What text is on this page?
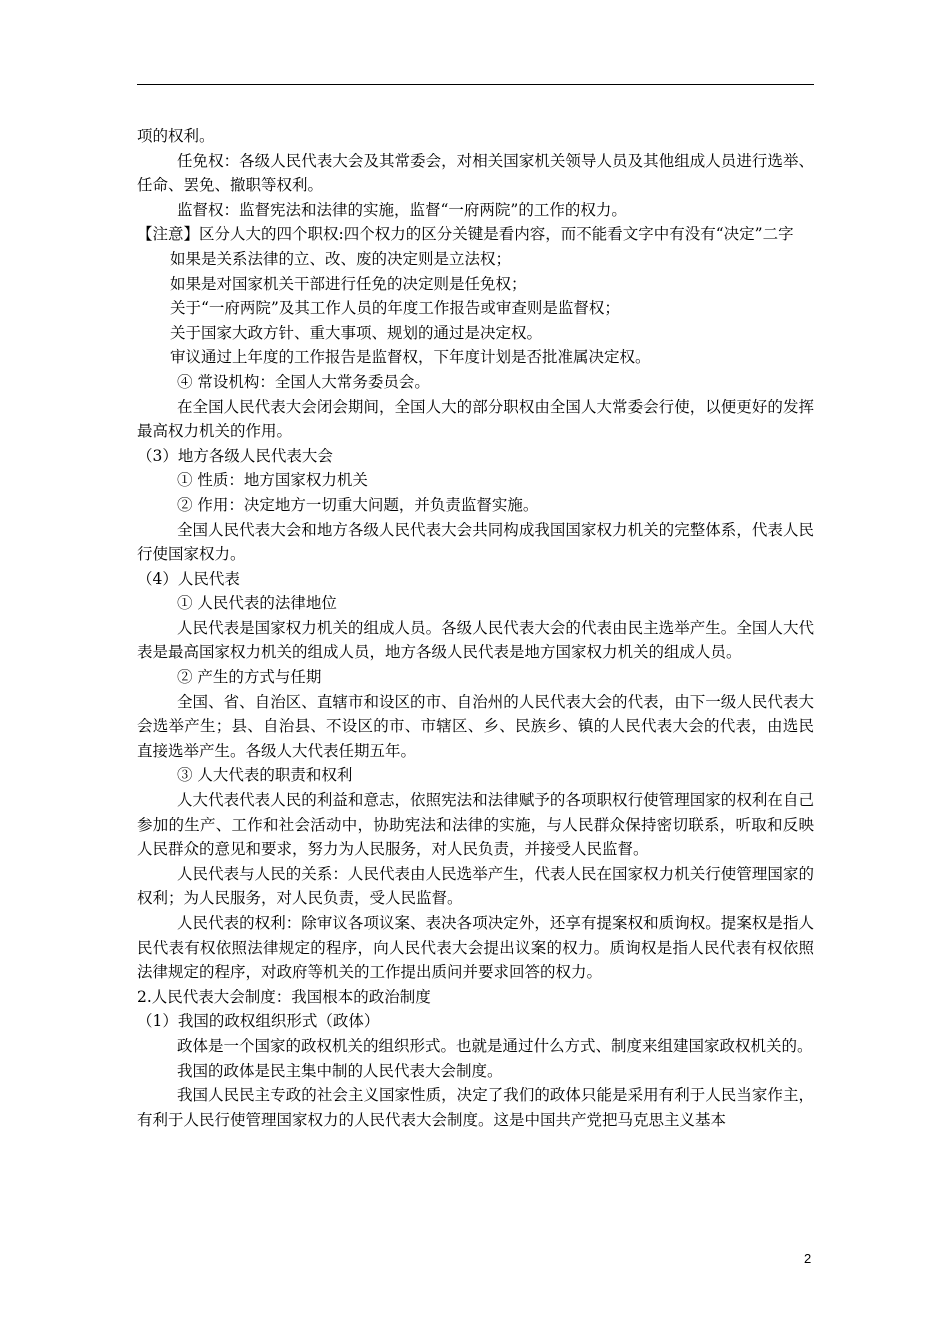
项的权利。

任免权：各级人民代表大会及其常委会，对相关国家机关领导人员及其他组成人员进行选举、任命、罢免、撤职等权利。

监督权：监督宪法和法律的实施，监督“一府两院”的工作的权力。

【注意】区分人大的四个职权:四个权力的区分关键是看内容，而不能看文字中有没有“决定”二字

如果是关系法律的立、改、废的决定则是立法权；

如果是对国家机关干部进行任免的决定则是任免权；

关于“一府两院”及其工作人员的年度工作报告或审查则是监督权；

关于国家大政方针、重大事项、规划的通过是决定权。

审议通过上年度的工作报告是监督权，下年度计划是否批准属决定权。

④ 常设机构：全国人大常务委员会。

在全国人民代表大会闭会期间，全国人大的部分职权由全国人大常委会行使，以便更好的发挥最高权力机关的作用。

（3）地方各级人民代表大会

① 性质：地方国家权力机关

② 作用：决定地方一切重大问题，并负责监督实施。

全国人民代表大会和地方各级人民代表大会共同构成我国国家权力机关的完整体系，代表人民行使国家权力。

（4）人民代表

① 人民代表的法律地位

人民代表是国家权力机关的组成人员。各级人民代表大会的代表由民主选举产生。全国人大代表是最高国家权力机关的组成人员，地方各级人民代表是地方国家权力机关的组成人员。

② 产生的方式与任期

全国、省、自治区、直辖市和设区的市、自治州的人民代表大会的代表，由下一级人民代表大会选举产生；县、自治县、不设区的市、市辖区、乡、民族乡、镇的人民代表大会的代表，由选民直接选举产生。各级人大代表任期五年。

③ 人大代表的职责和权利

人大代表代表人民的利益和意志，依照宪法和法律赋予的各项职权行使管理国家的权利在自己参加的生产、工作和社会活动中，协助宪法和法律的实施，与人民群众保持密切联系，听取和反映人民群众的意见和要求，努力为人民服务，对人民负责，并接受人民监督。

人民代表与人民的关系：人民代表由人民选举产生，代表人民在国家权力机关行使管理国家的权利；为人民服务，对人民负责，受人民监督。

人民代表的权利：除审议各项议案、表决各项决定外，还享有提案权和质询权。提案权是指人民代表有权依照法律规定的程序，向人民代表大会提出议案的权力。质询权是指人民代表有权依照法律规定的程序，对政府等机关的工作提出质问并要求回答的权力。

2.人民代表大会制度：我国根本的政治制度

（1）我国的政权组织形式（政体）

政体是一个国家的政权机关的组织形式。也就是通过什么方式、制度来组建国家政权机关的。

我国的政体是民主集中制的人民代表大会制度。

我国人民民主专政的社会主义国家性质，决定了我们的政体只能是采用有利于人民当家作主，有利于人民行使管理国家权力的人民代表大会制度。这是中国共产党把马克思主义基本

2
